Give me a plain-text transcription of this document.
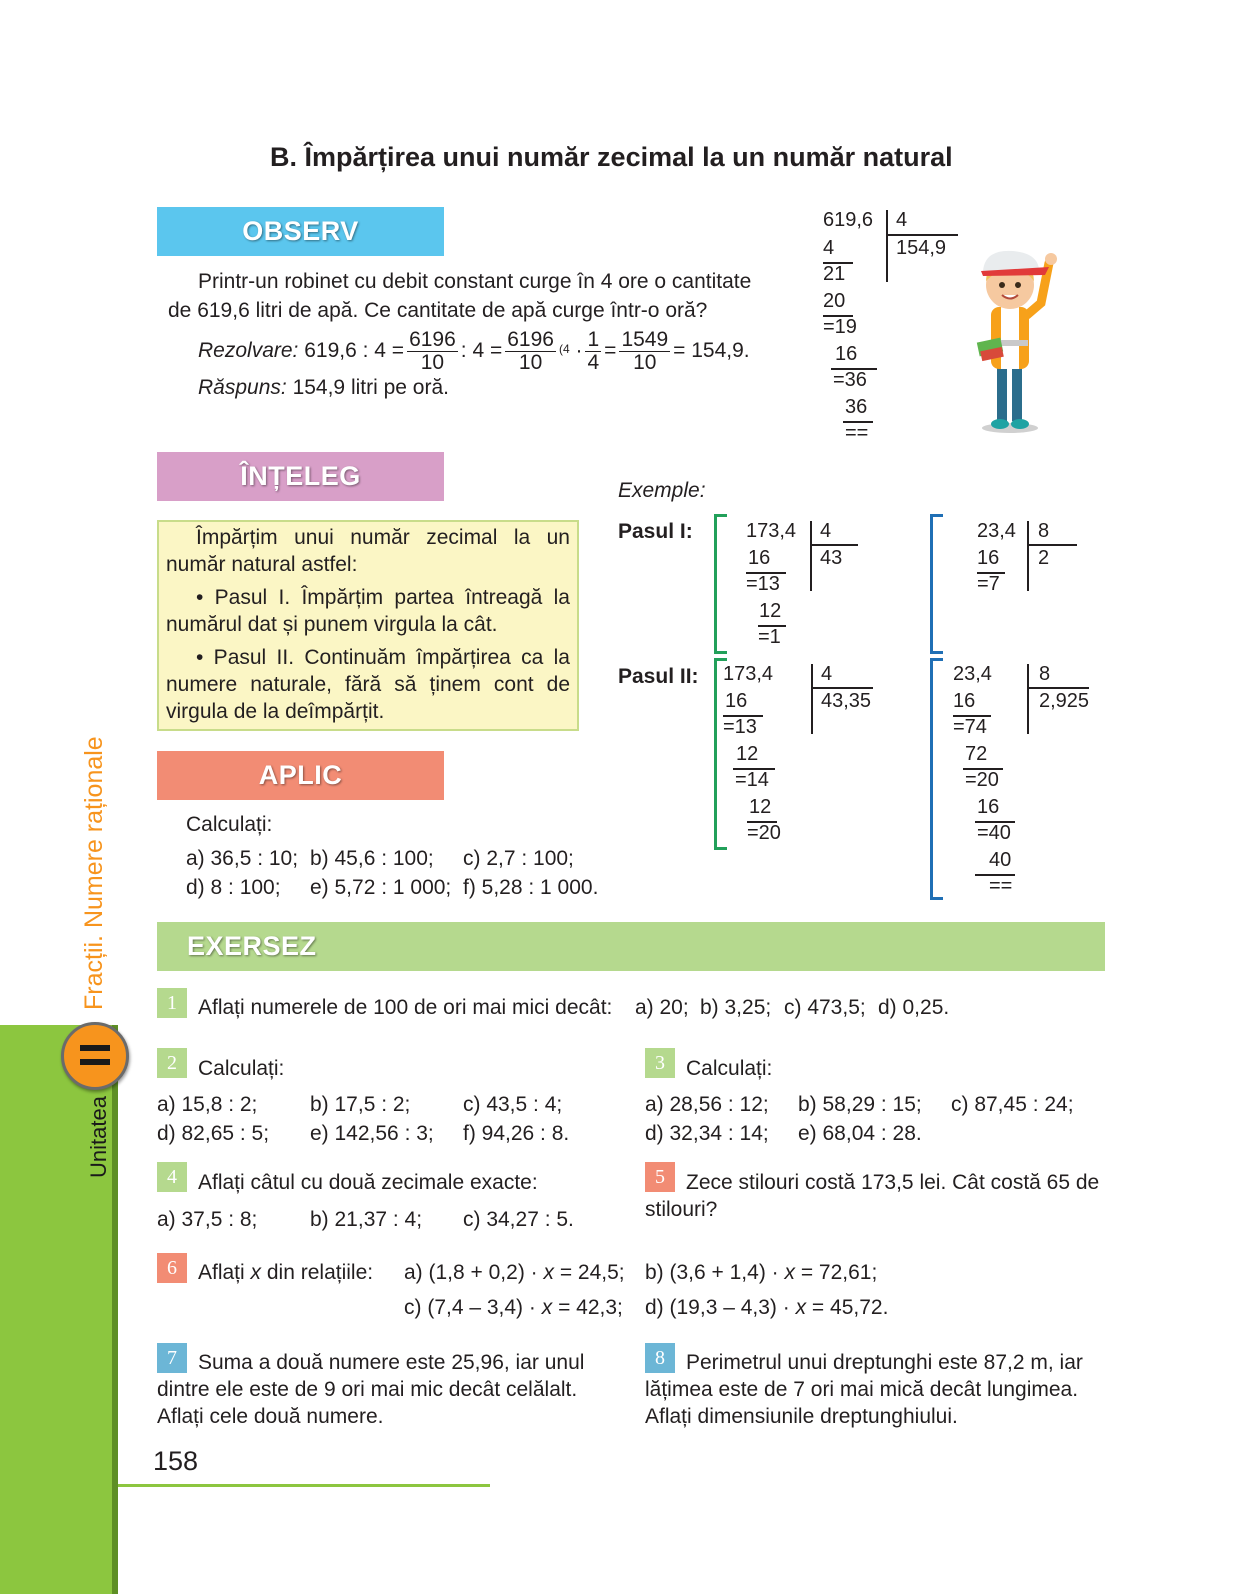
Fracții. Numere raționale
Unitatea
B. Împărțirea unui număr zecimal la un număr natural
OBSERV
Printr-un robinet cu debit constant curge în 4 ore o cantitate
de 619,6 litri de apă. Ce cantitate de apă curge într-o oră?
Rezolvare: 619,6 : $4 = \frac{6196}{10}$ : $4 = \frac{6196}{10} ^{(4} \cdot \frac{1}{4} = \frac{1549}{10} = 154,9$.
Răspuns: 154,9 litri pe oră.
619,6 4
154,9
4
21
20
=19
16
=36
36
==
ÎNȚELEG

Împărțim unui număr zecimal la un număr natural astfel:

• Pasul I. Împărțim partea întreagă la numărul dat și punem virgula la cât.

• Pasul II. Continuăm împărțirea ca la numere naturale, fără să ținem cont de virgula de la deîmpărțit.

Exemple:
Pasul I:
Pasul II:
173,4 4
43
16
=13
12
=1
23,4 8
2
16
=7
173,4 4
43,35
16
=13
12
=14
12
=20
23,4 8
2,925
16
=74
72
=20
16
=40
40
==
APLIC
Calculați:
a) 36,5 : 10; b) 45,6 : 100; c) 2,7 : 100;
d) 8 : 100; e) 5,72 : 1 000; f) 5,28 : 1 000.
EXERSEZ
1	Aflați numerele de 100 de ori mai mici decât: a) 20; b) 3,25; c) 473,5; d) 0,25.
2	Calculați:
a) 15,8 : 2;	b) 17,5 : 2;	c) 43,5 : 4;
d) 82,65 : 5; e) 142,56 : 3; f) 94,26 : 8.
3	Calculați:
a) 28,56 : 12; b) 58,29 : 15; c) 87,45 : 24;
d) 32,34 : 14; e) 68,04 : 28.
4	Aflați câtul cu două zecimale exacte:
a) 37,5 : 8;	b) 21,37 : 4; c) 34,27 : 5.
5	Zece stilouri costă 173,5 lei. Cât costă 65 de
stilouri?
6	Aflați x din relațiile: a) (1,8 + 0,2) · x = 24,5; b) (3,6 + 1,4) · x = 72,61;
c) (7,4 – 3,4) · x = 42,3; d) (19,3 – 4,3) · x = 45,72.
7	Suma a două numere este 25,96, iar unul
dintre ele este de 9 ori mai mic decât celălalt.
Aflați cele două numere.
8	Perimetrul unui dreptunghi este 87,2 m, iar
lățimea este de 7 ori mai mică decât lungimea.
Aflați dimensiunile dreptunghiului.
158
